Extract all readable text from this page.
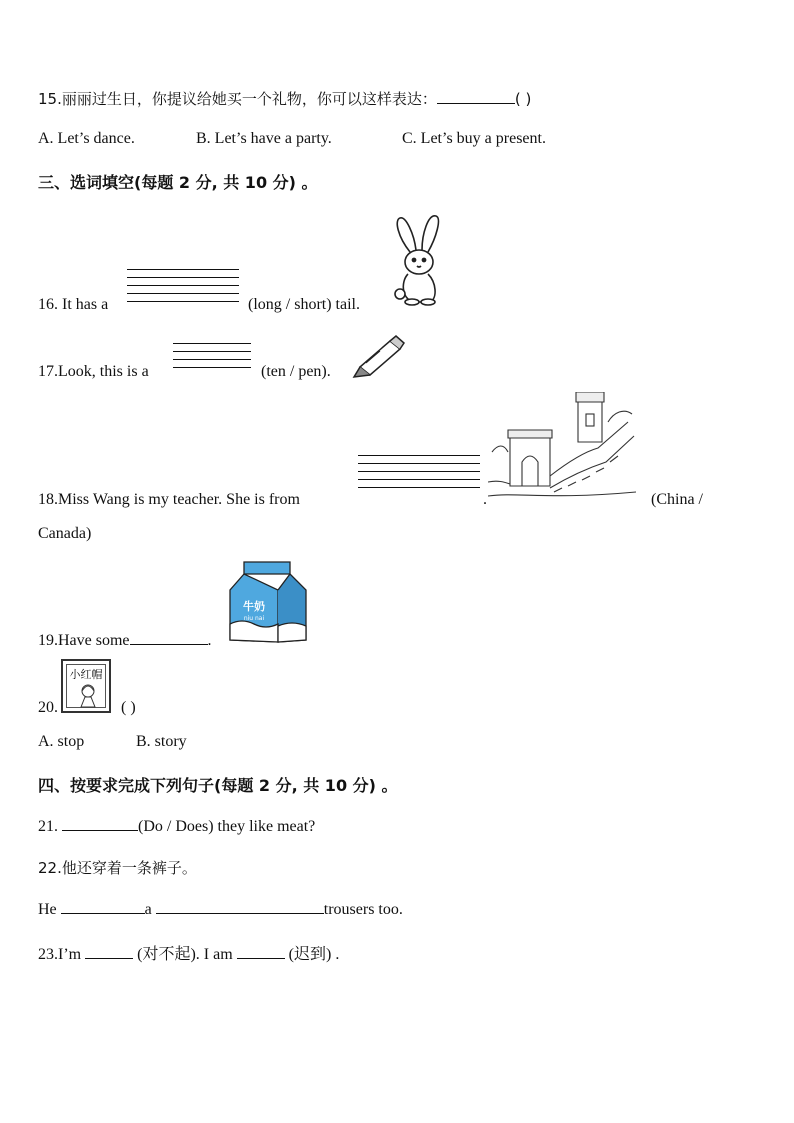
15.丽丽过生日，你提议给她买一个礼物，你可以这样表达：	( )
A. Let’s dance.	B. Let’s have a party.	C. Let’s buy a present.
三、选词填空(每题 2 分, 共 10 分) 。
16. It has a	(long / short) tail.
17.Look, this is a	(ten / pen).
18.Miss Wang is my teacher. She is from	.	(China /
Canada)
19.Have some	.
牛奶
niu nai
20.
小红帽
( )
A. stop	B. story
四、按要求完成下列句子(每题 2 分, 共 10 分) 。
21.	(Do / Does) they like meat?
22.他还穿着一条裤子。
He	a	trousers too.
23.I’m	(对不起). I am	(迟到) .
